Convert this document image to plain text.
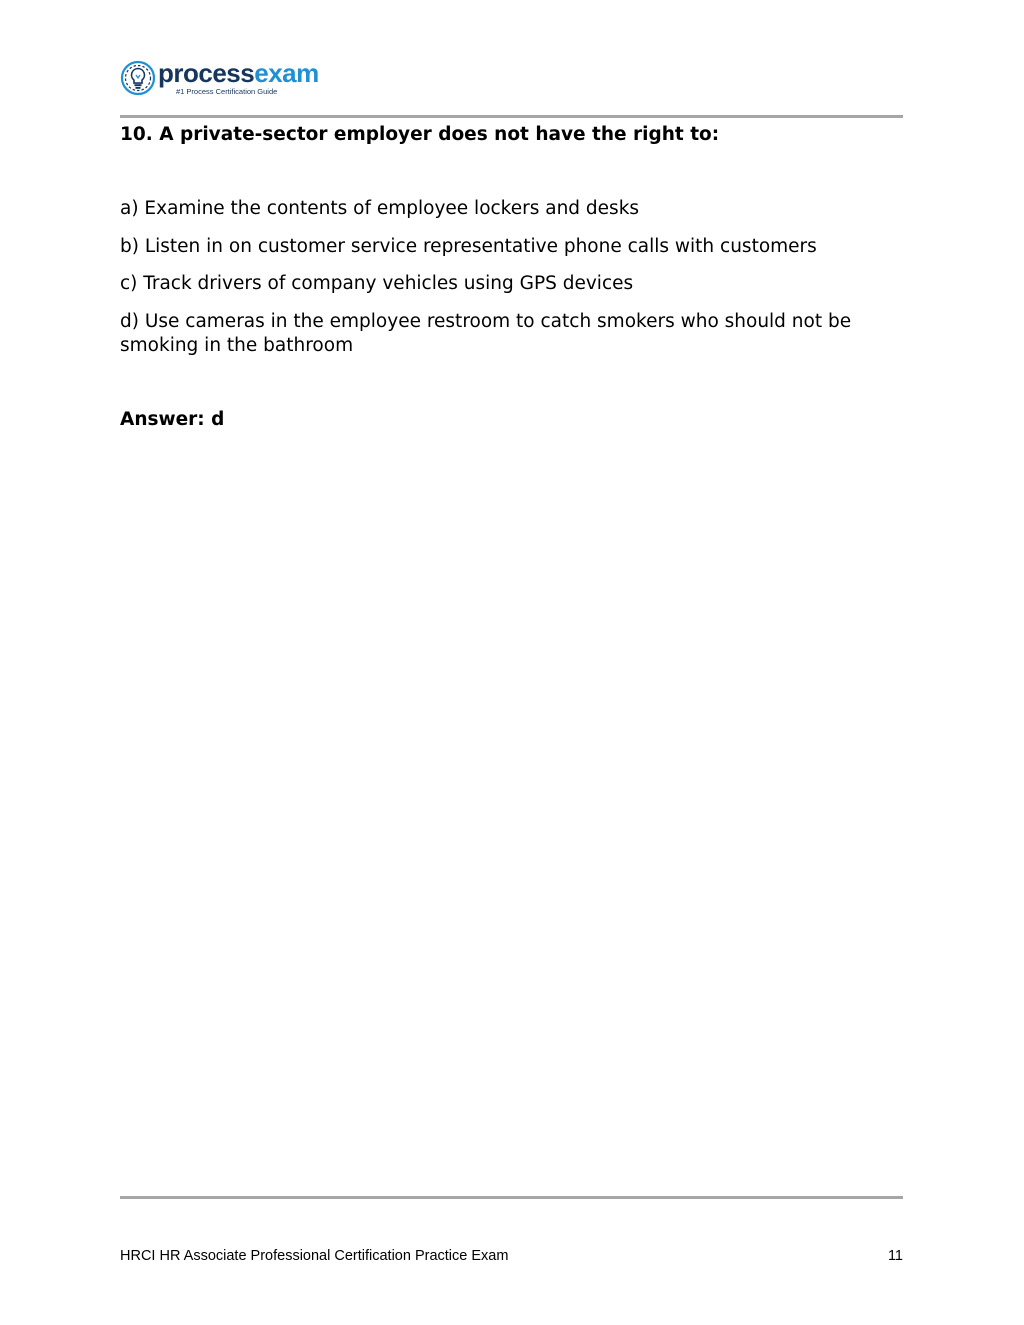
processexam
#1 Process Certification Guide

10. A private-sector employer does not have the right to:

a) Examine the contents of employee lockers and desks
b) Listen in on customer service representative phone calls with customers
c) Track drivers of company vehicles using GPS devices
d) Use cameras in the employee restroom to catch smokers who should not be smoking in the bathroom

Answer: d

HRCI HR Associate Professional Certification Practice Exam	11
